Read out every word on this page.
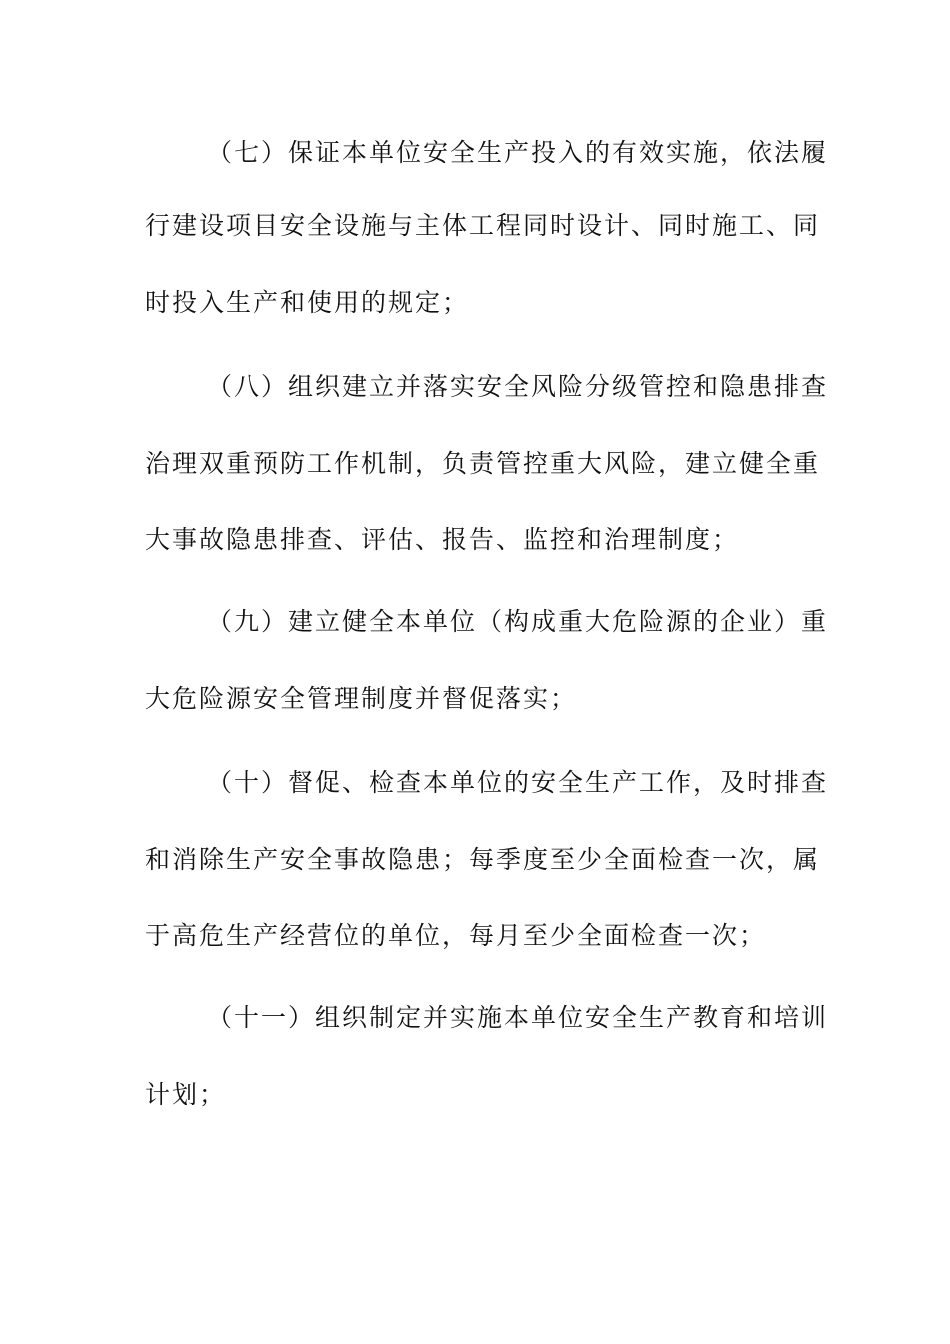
（七）保证本单位安全生产投入的有效实施，依法履
行建设项目安全设施与主体工程同时设计、同时施工、同
时投入生产和使用的规定；
（八）组织建立并落实安全风险分级管控和隐患排查
治理双重预防工作机制，负责管控重大风险，建立健全重
大事故隐患排查、评估、报告、监控和治理制度；
（九）建立健全本单位（构成重大危险源的企业）重
大危险源安全管理制度并督促落实；
（十）督促、检查本单位的安全生产工作，及时排查
和消除生产安全事故隐患；每季度至少全面检查一次，属
于高危生产经营位的单位，每月至少全面检查一次；
（十一）组织制定并实施本单位安全生产教育和培训
计划；
